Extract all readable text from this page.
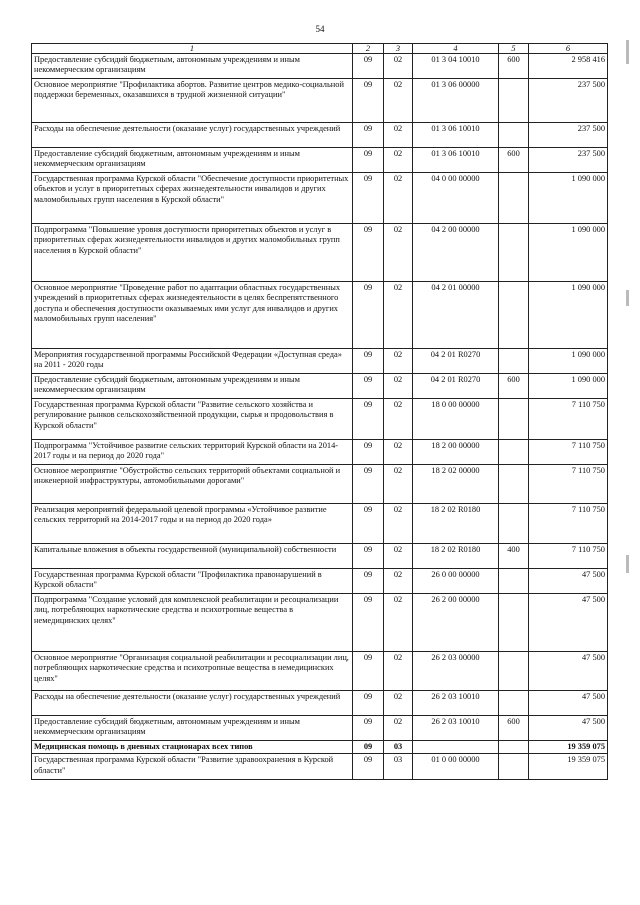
54
1	2	3	4	5	6
Предоставление субсидий бюджетным, автономным учреждениям и иным некоммерческим организациям	09	02	01 3 04 10010	600	2 958 416
Основное мероприятие "Профилактика абортов. Развитие центров медико-социальной поддержки беременных, оказавшихся в трудной жизненной ситуации"	09	02	01 3 06 00000		237 500
Расходы на обеспечение деятельности (оказание услуг) государственных учреждений	09	02	01 3 06 10010		237 500
Предоставление субсидий бюджетным, автономным учреждениям и иным некоммерческим организациям	09	02	01 3 06 10010	600	237 500
Государственная программа Курской области "Обеспечение доступности приоритетных объектов и услуг в приоритетных сферах жизнедеятельности инвалидов и других маломобильных групп населения в Курской области"	09	02	04 0 00 00000		1 090 000
Подпрограмма "Повышение уровня доступности приоритетных объектов и услуг в приоритетных сферах жизнедеятельности инвалидов и других маломобильных групп населения в Курской области"	09	02	04 2 00 00000		1 090 000
Основное мероприятие "Проведение работ по адаптации областных государственных учреждений в приоритетных сферах жизнедеятельности в целях беспрепятственного доступа и обеспечения доступности оказываемых ими услуг для инвалидов и других маломобильных групп населения"	09	02	04 2 01 00000		1 090 000
Мероприятия государственной программы Российской Федерации «Доступная среда» на 2011 - 2020 годы	09	02	04 2 01 R0270		1 090 000
Предоставление субсидий бюджетным, автономным учреждениям и иным некоммерческим организациям	09	02	04 2 01 R0270	600	1 090 000
Государственная программа Курской области "Развитие сельского хозяйства и регулирование рынков сельскохозяйственной продукции, сырья и продовольствия в Курской области"	09	02	18 0 00 00000		7 110 750
Подпрограмма "Устойчивое развитие сельских территорий Курской области на 2014-2017 годы и на период до 2020 года"	09	02	18 2 00 00000		7 110 750
Основное мероприятие "Обустройство сельских территорий объектами социальной и инженерной инфраструктуры, автомобильными дорогами"	09	02	18 2 02 00000		7 110 750
Реализация мероприятий федеральной целевой программы «Устойчивое развитие сельских территорий на 2014-2017 годы и на период до 2020 года»	09	02	18 2 02 R0180		7 110 750
Капитальные вложения в объекты государственной (муниципальной) собственности	09	02	18 2 02 R0180	400	7 110 750
Государственная программа Курской области "Профилактика правонарушений в Курской области"	09	02	26 0 00 00000		47 500
Подпрограмма "Создание условий для комплексной реабилитации и ресоциализации лиц, потребляющих наркотические средства и психотропные вещества в немедицинских целях"	09	02	26 2 00 00000		47 500
Основное мероприятие "Организация социальной реабилитации и ресоциализации лиц, потребляющих наркотические средства и психотропные вещества в немедицинских целях"	09	02	26 2 03 00000		47 500
Расходы на обеспечение деятельности (оказание услуг) государственных учреждений	09	02	26 2 03 10010		47 500
Предоставление субсидий бюджетным, автономным учреждениям и иным некоммерческим организациям	09	02	26 2 03 10010	600	47 500
Медицинская помощь в дневных стационарах всех типов	09	03			19 359 075
Государственная программа Курской области "Развитие здравоохранения в Курской области"	09	03	01 0 00 00000		19 359 075
